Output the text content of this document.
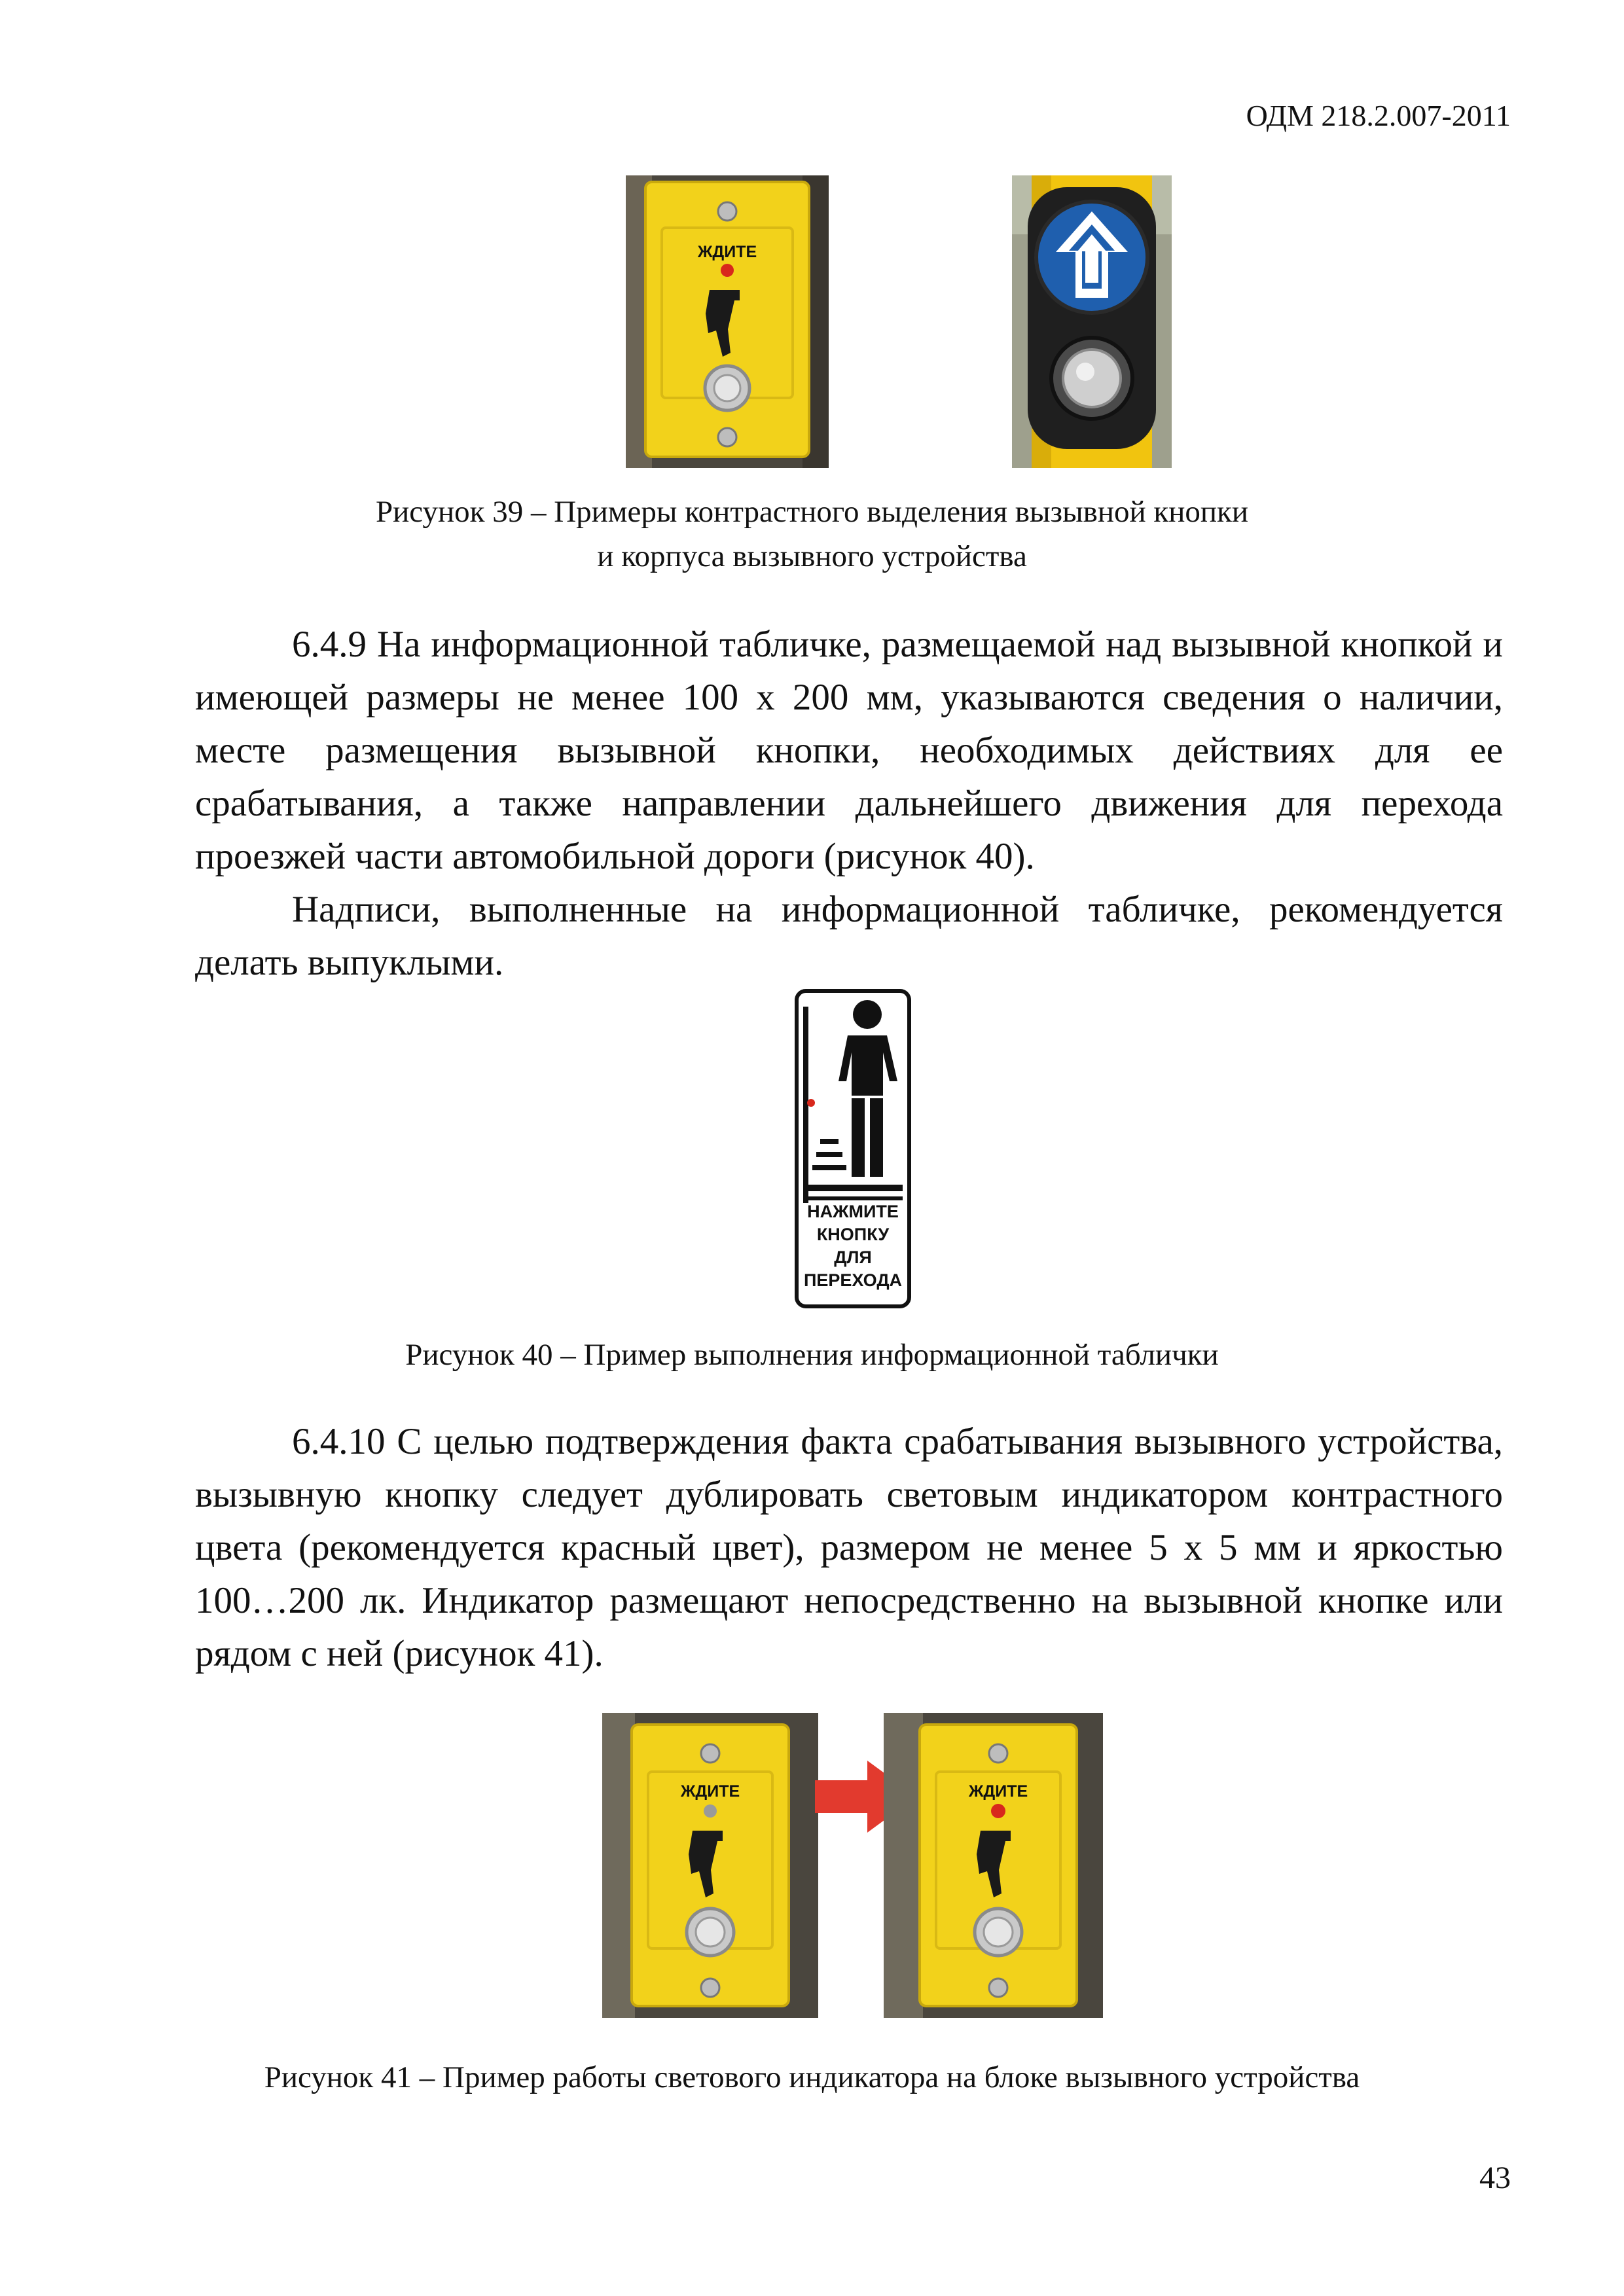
ОДМ 218.2.007-2011
ЖДИТЕ
Рисунок 39 – Примеры контрастного выделения вызывной кнопки
и корпуса вызывного устройства

6.4.9 На информационной табличке, размещаемой над вызывной кнопкой и имеющей размеры не менее 100 х 200 мм, указываются сведения о наличии, месте размещения вызывной кнопки, необходимых действиях для ее срабатывания, а также направлении дальнейшего движения для перехода проезжей части автомобильной дороги (рисунок 40).

Надписи, выполненные на информационной табличке, рекомендуется делать выпуклыми.

НАЖМИТЕ
КНОПКУ
ДЛЯ
ПЕРЕХОДА
Рисунок 40 – Пример выполнения информационной таблички

6.4.10 С целью подтверждения факта срабатывания вызывного устройства, вызывную кнопку следует дублировать световым индикатором контрастного цвета (рекомендуется красный цвет), размером не менее 5 х 5 мм и яркостью 100…200 лк. Индикатор размещают непосредственно на вызывной кнопке или рядом с ней (рисунок 41).

ЖДИТЕ	ЖДИТЕ
Рисунок 41 – Пример работы светового индикатора на блоке вызывного устройства
43
